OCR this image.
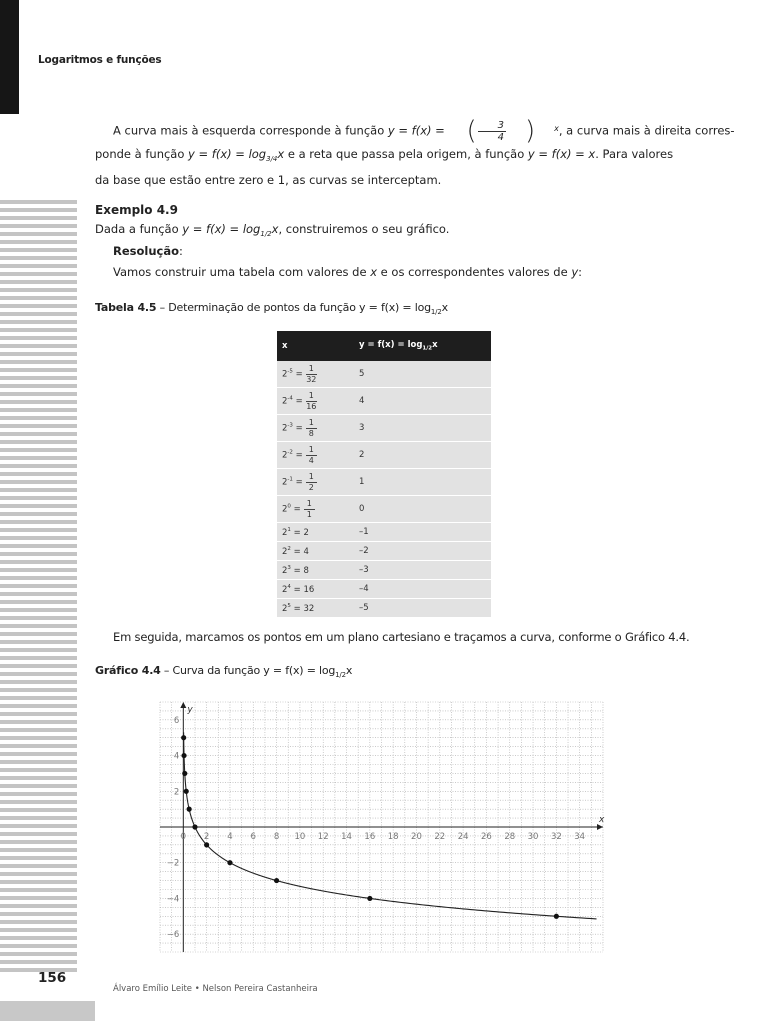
Logaritmos e funções
A curva mais à esquerda corresponde à função y = f(x) = ( $\frac{3}{4}$ )	x , a curva mais à direita corres-
ponde à função $y = f(x) = \log_{3/4}x$ e a reta que passa pela origem, à função y = f(x) = x. Para valores da base que estão entre zero e 1, as curvas se interceptam.
Exemplo 4.9
Dada a função $y = f(x) = \log_{1/2}x$, construiremos o seu gráfico.
Resolução:
Vamos construir uma tabela com valores de x e os correspondentes valores de y:
Tabela 4.5 – Determinação de pontos da função $y = f(x) = \log_{1/2}x$
x	$y = f(x) = \log_{1/2}x$
$2^{-5} = \frac{1}{32}$	5
$2^{-4} = \frac{1}{16}$	4
$2^{-3} = \frac{1}{8}$	3
$2^{-2} = \frac{1}{4}$	2
$2^{-1} = \frac{1}{2}$	1
$2^0 = \frac{1}{1}$	0
$2^1 = 2$	–1
$2^2 = 4$	–2
$2^3 = 8$	–3
$2^4 = 16$	–4
$2^5 = 32$	–5
Em seguida, marcamos os pontos em um plano cartesiano e traçamos a curva, conforme o Gráfico 4.4.
Gráfico 4.4 – Curva da função $y = f(x) = \log_{1/2}x$
x
y
0 2 4 6 8 10 12 14 16 18 20 22 24 26 28 30 32 34
−6
−4
−2
2
4
6
156
Álvaro Emílio Leite • Nelson Pereira Castanheira
